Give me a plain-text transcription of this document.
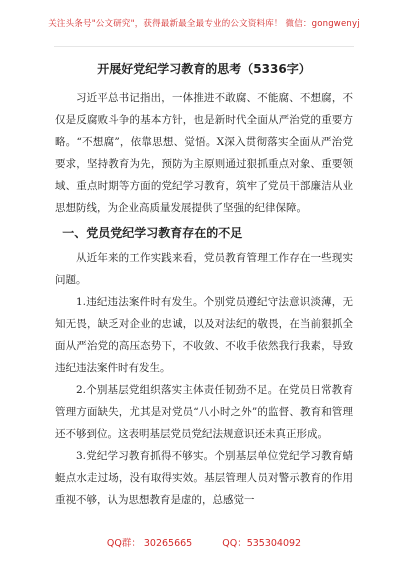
关注头条号"公文研究"，获得最新最全最专业的公文资料库！ 微信：gongwenyj
开展好党纪学习教育的思考（5336字）

习近平总书记指出，一体推进不敢腐、不能腐、不想腐，不仅是反腐败斗争的基本方针，也是新时代全面从严治党的重要方略。“不想腐”，依靠思想、觉悟。X深入贯彻落实全面从严治党要求，坚持教育为先，预防为主原则通过狠抓重点对象、重要领域、重点时期等方面的党纪学习教育，筑牢了党员干部廉洁从业思想防线，为企业高质量发展提供了坚强的纪律保障。

一、党员党纪学习教育存在的不足

从近年来的工作实践来看，党员教育管理工作存在一些现实问题。

1.违纪违法案件时有发生。个别党员遵纪守法意识淡薄，无知无畏，缺乏对企业的忠诚，以及对法纪的敬畏，在当前狠抓全面从严治党的高压态势下，不收敛、不收手依然我行我素，导致违纪违法案件时有发生。

2.个别基层党组织落实主体责任韧劲不足。在党员日常教育管理方面缺失，尤其是对党员“八小时之外”的监督、教育和管理还不够到位。这表明基层党员党纪法规意识还未真正形成。

3.党纪学习教育抓得不够实。个别基层单位党纪学习教育蜻蜓点水走过场，没有取得实效。基层管理人员对警示教育的作用重视不够，认为思想教育是虚的，总感觉一

QQ群： 30265665	QQ：535304092
